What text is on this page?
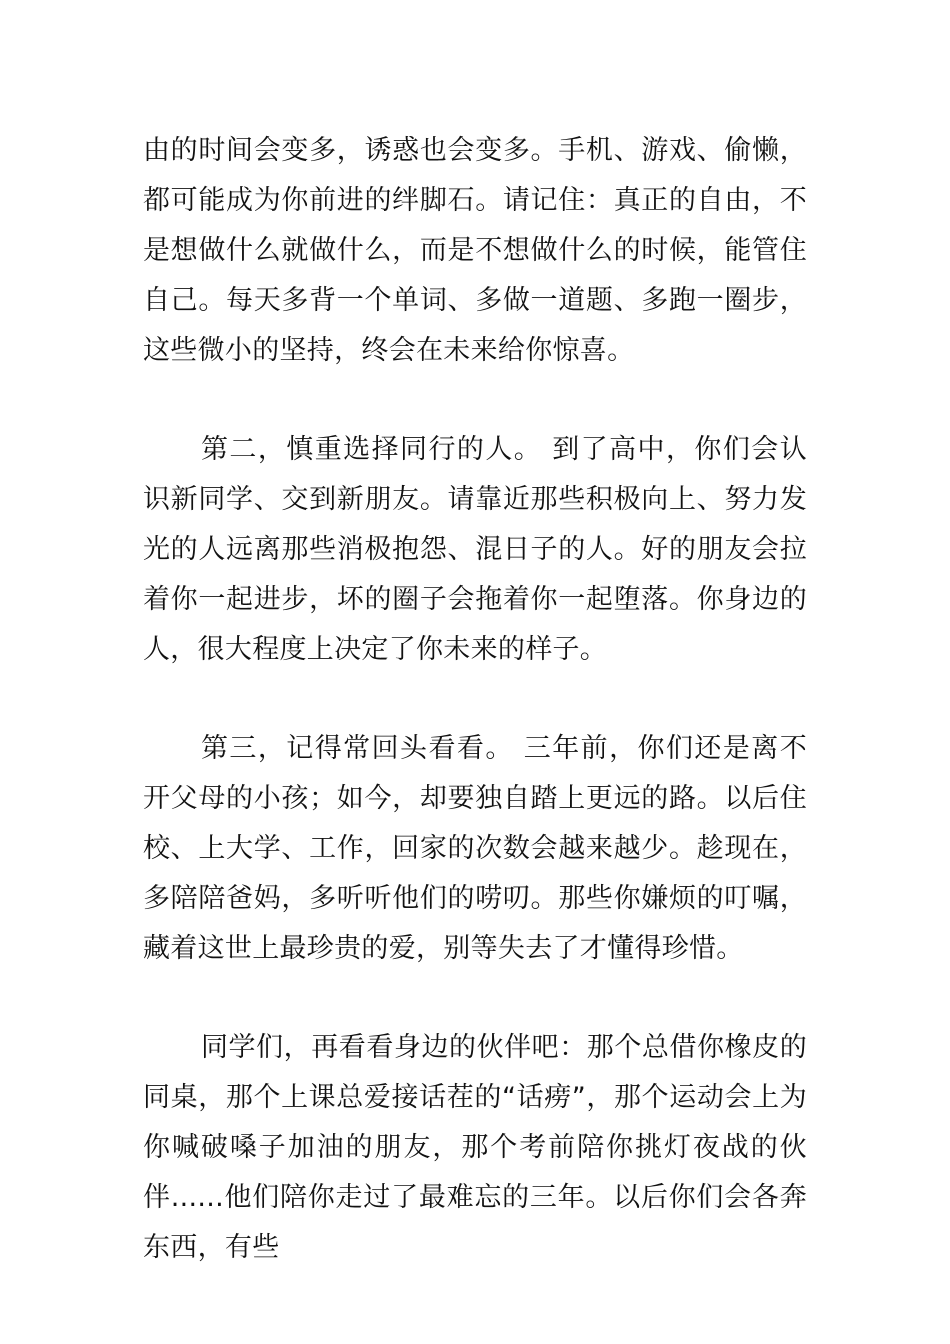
由的时间会变多，诱惑也会变多。手机、游戏、偷懒，都可能成为你前进的绊脚石。请记住：真正的自由，不是想做什么就做什么，而是不想做什么的时候，能管住自己。每天多背一个单词、多做一道题、多跑一圈步，这些微小的坚持，终会在未来给你惊喜。

第二，慎重选择同行的人。 到了高中，你们会认识新同学、交到新朋友。请靠近那些积极向上、努力发光的人远离那些消极抱怨、混日子的人。好的朋友会拉着你一起进步，坏的圈子会拖着你一起堕落。你身边的人，很大程度上决定了你未来的样子。

第三，记得常回头看看。 三年前，你们还是离不开父母的小孩；如今，却要独自踏上更远的路。以后住校、上大学、工作，回家的次数会越来越少。趁现在，多陪陪爸妈，多听听他们的唠叨。那些你嫌烦的叮嘱，藏着这世上最珍贵的爱，别等失去了才懂得珍惜。

同学们，再看看身边的伙伴吧：那个总借你橡皮的同桌，那个上课总爱接话茬的“话痨”，那个运动会上为你喊破嗓子加油的朋友，那个考前陪你挑灯夜战的伙伴......他们陪你走过了最难忘的三年。以后你们会各奔东西，有些
